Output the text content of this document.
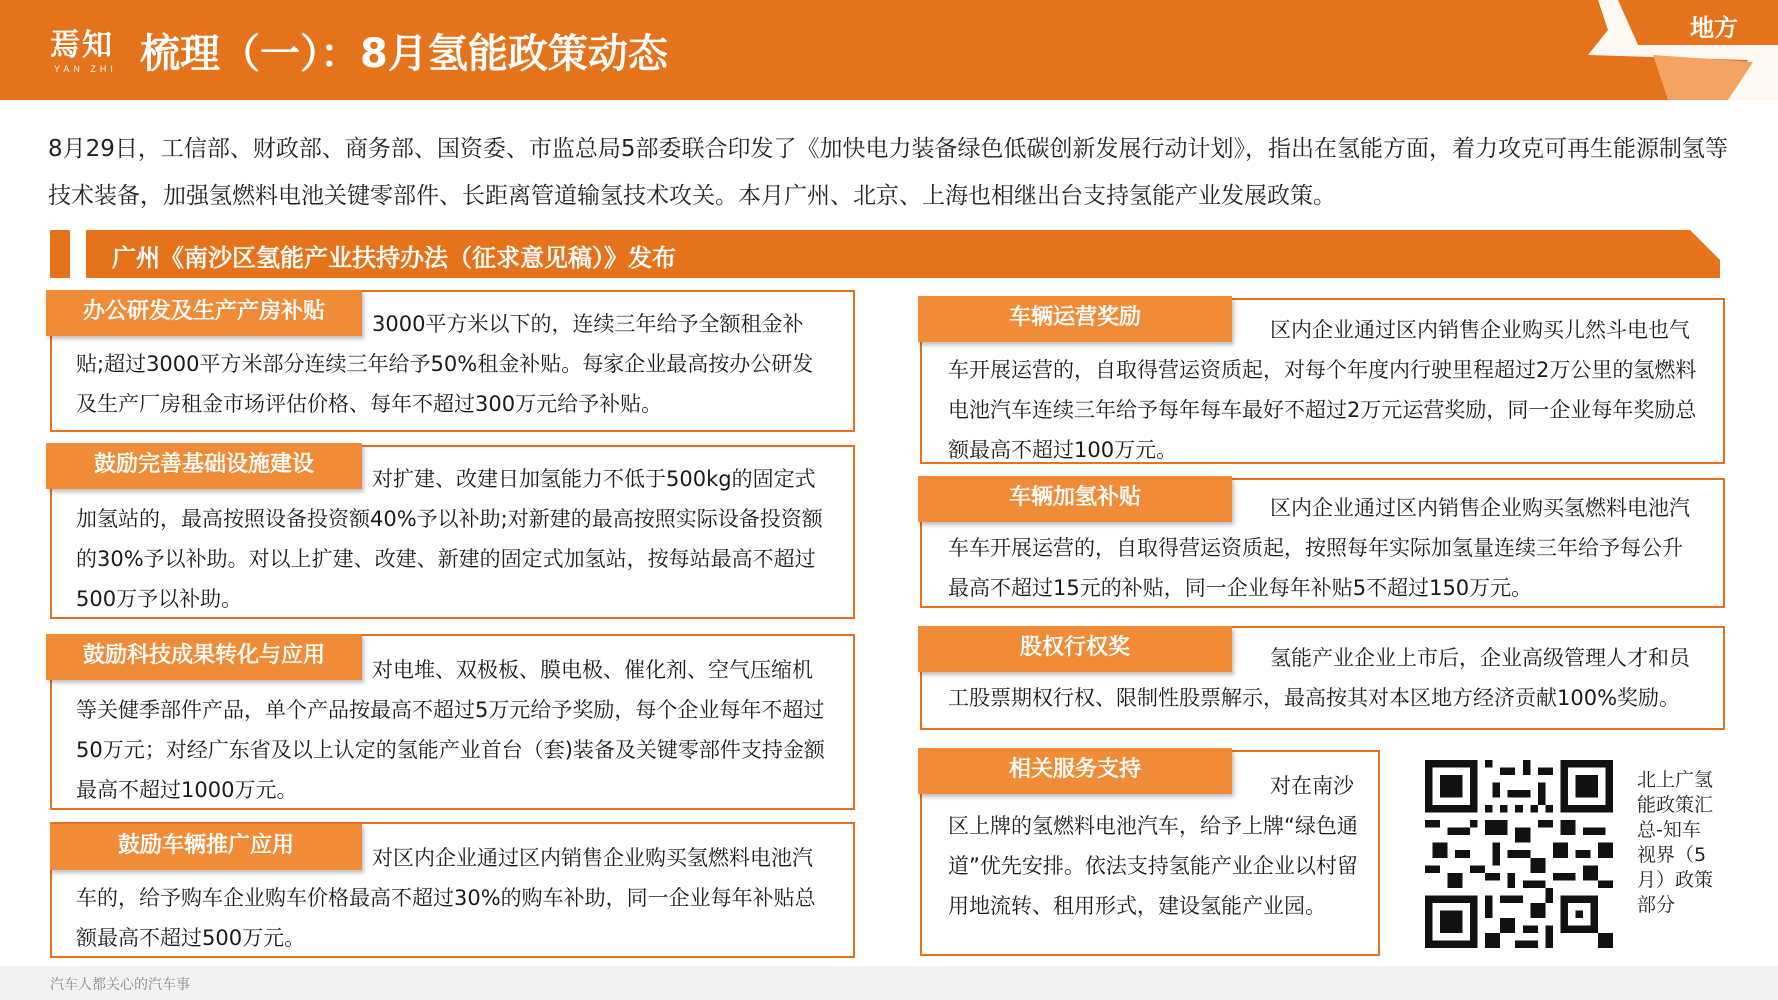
焉知
YAN ZHI 梳理（一）：8月氢能政策动态
地方
8月29日，工信部、财政部、商务部、国资委、市监总局5部委联合印发了《加快电力装备绿色低碳创新发展行动计划》，指出在氢能方面，着力攻克可再生能源制氢等技术装备，加强氢燃料电池关键零部件、长距离管道输氢技术攻关。本月广州、北京、上海也相继出台支持氢能产业发展政策。
广州《南沙区氢能产业扶持办法（征求意见稿）》发布
3000平方米以下的，连续三年给予全额租金补贴;超过3000平方米部分连续三年给予50%租金补贴。每家企业最高按办公研发及生产厂房租金市场评估价格、每年不超过300万元给予补贴。
办公研发及生产产房补贴
对扩建、改建日加氢能力不低于500kg的固定式加氢站的，最高按照设备投资额40%予以补助;对新建的最高按照实际设备投资额的30%予以补助。对以上扩建、改建、新建的固定式加氢站，按每站最高不超过500万予以补助。
鼓励完善基础设施建设
对电堆、双极板、膜电极、催化剂、空气压缩机等关健季部件产品，单个产品按最高不超过5万元给予奖励，每个企业每年不超过50万元；对经广东省及以上认定的氢能产业首台（套)装备及关键零部件支持金额最高不超过1000万元。
鼓励科技成果转化与应用
对区内企业通过区内销售企业购买氢燃料电池汽车的，给予购车企业购车价格最高不超过30%的购车补助，同一企业每年补贴总额最高不超过500万元。
鼓励车辆推广应用
区内企业通过区内销售企业购买儿然斗电也气车开展运营的，自取得营运资质起，对每个年度内行驶里程超过2万公里的氢燃料电池汽车连续三年给予每年每车最好不超过2万元运营奖励，同一企业每年奖励总额最高不超过100万元。
车辆运营奖励
区内企业通过区内销售企业购买氢燃料电池汽车车开展运营的，自取得营运资质起，按照每年实际加氢量连续三年给予每公升最高不超过15元的补贴，同一企业每年补贴5不超过150万元。
车辆加氢补贴
氢能产业企业上市后，企业高级管理人才和员工股票期权行权、限制性股票解示，最高按其对本区地方经济贡献100%奖励。
股权行权奖
对在南沙区上牌的氢燃料电池汽车，给予上牌“绿色通道”优先安排。依法支持氢能产业企业以村留用地流转、租用形式，建设氢能产业园。
相关服务支持	北上广氢能政策汇总-知车视界（5月）政策部分
汽车人都关心的汽车事
